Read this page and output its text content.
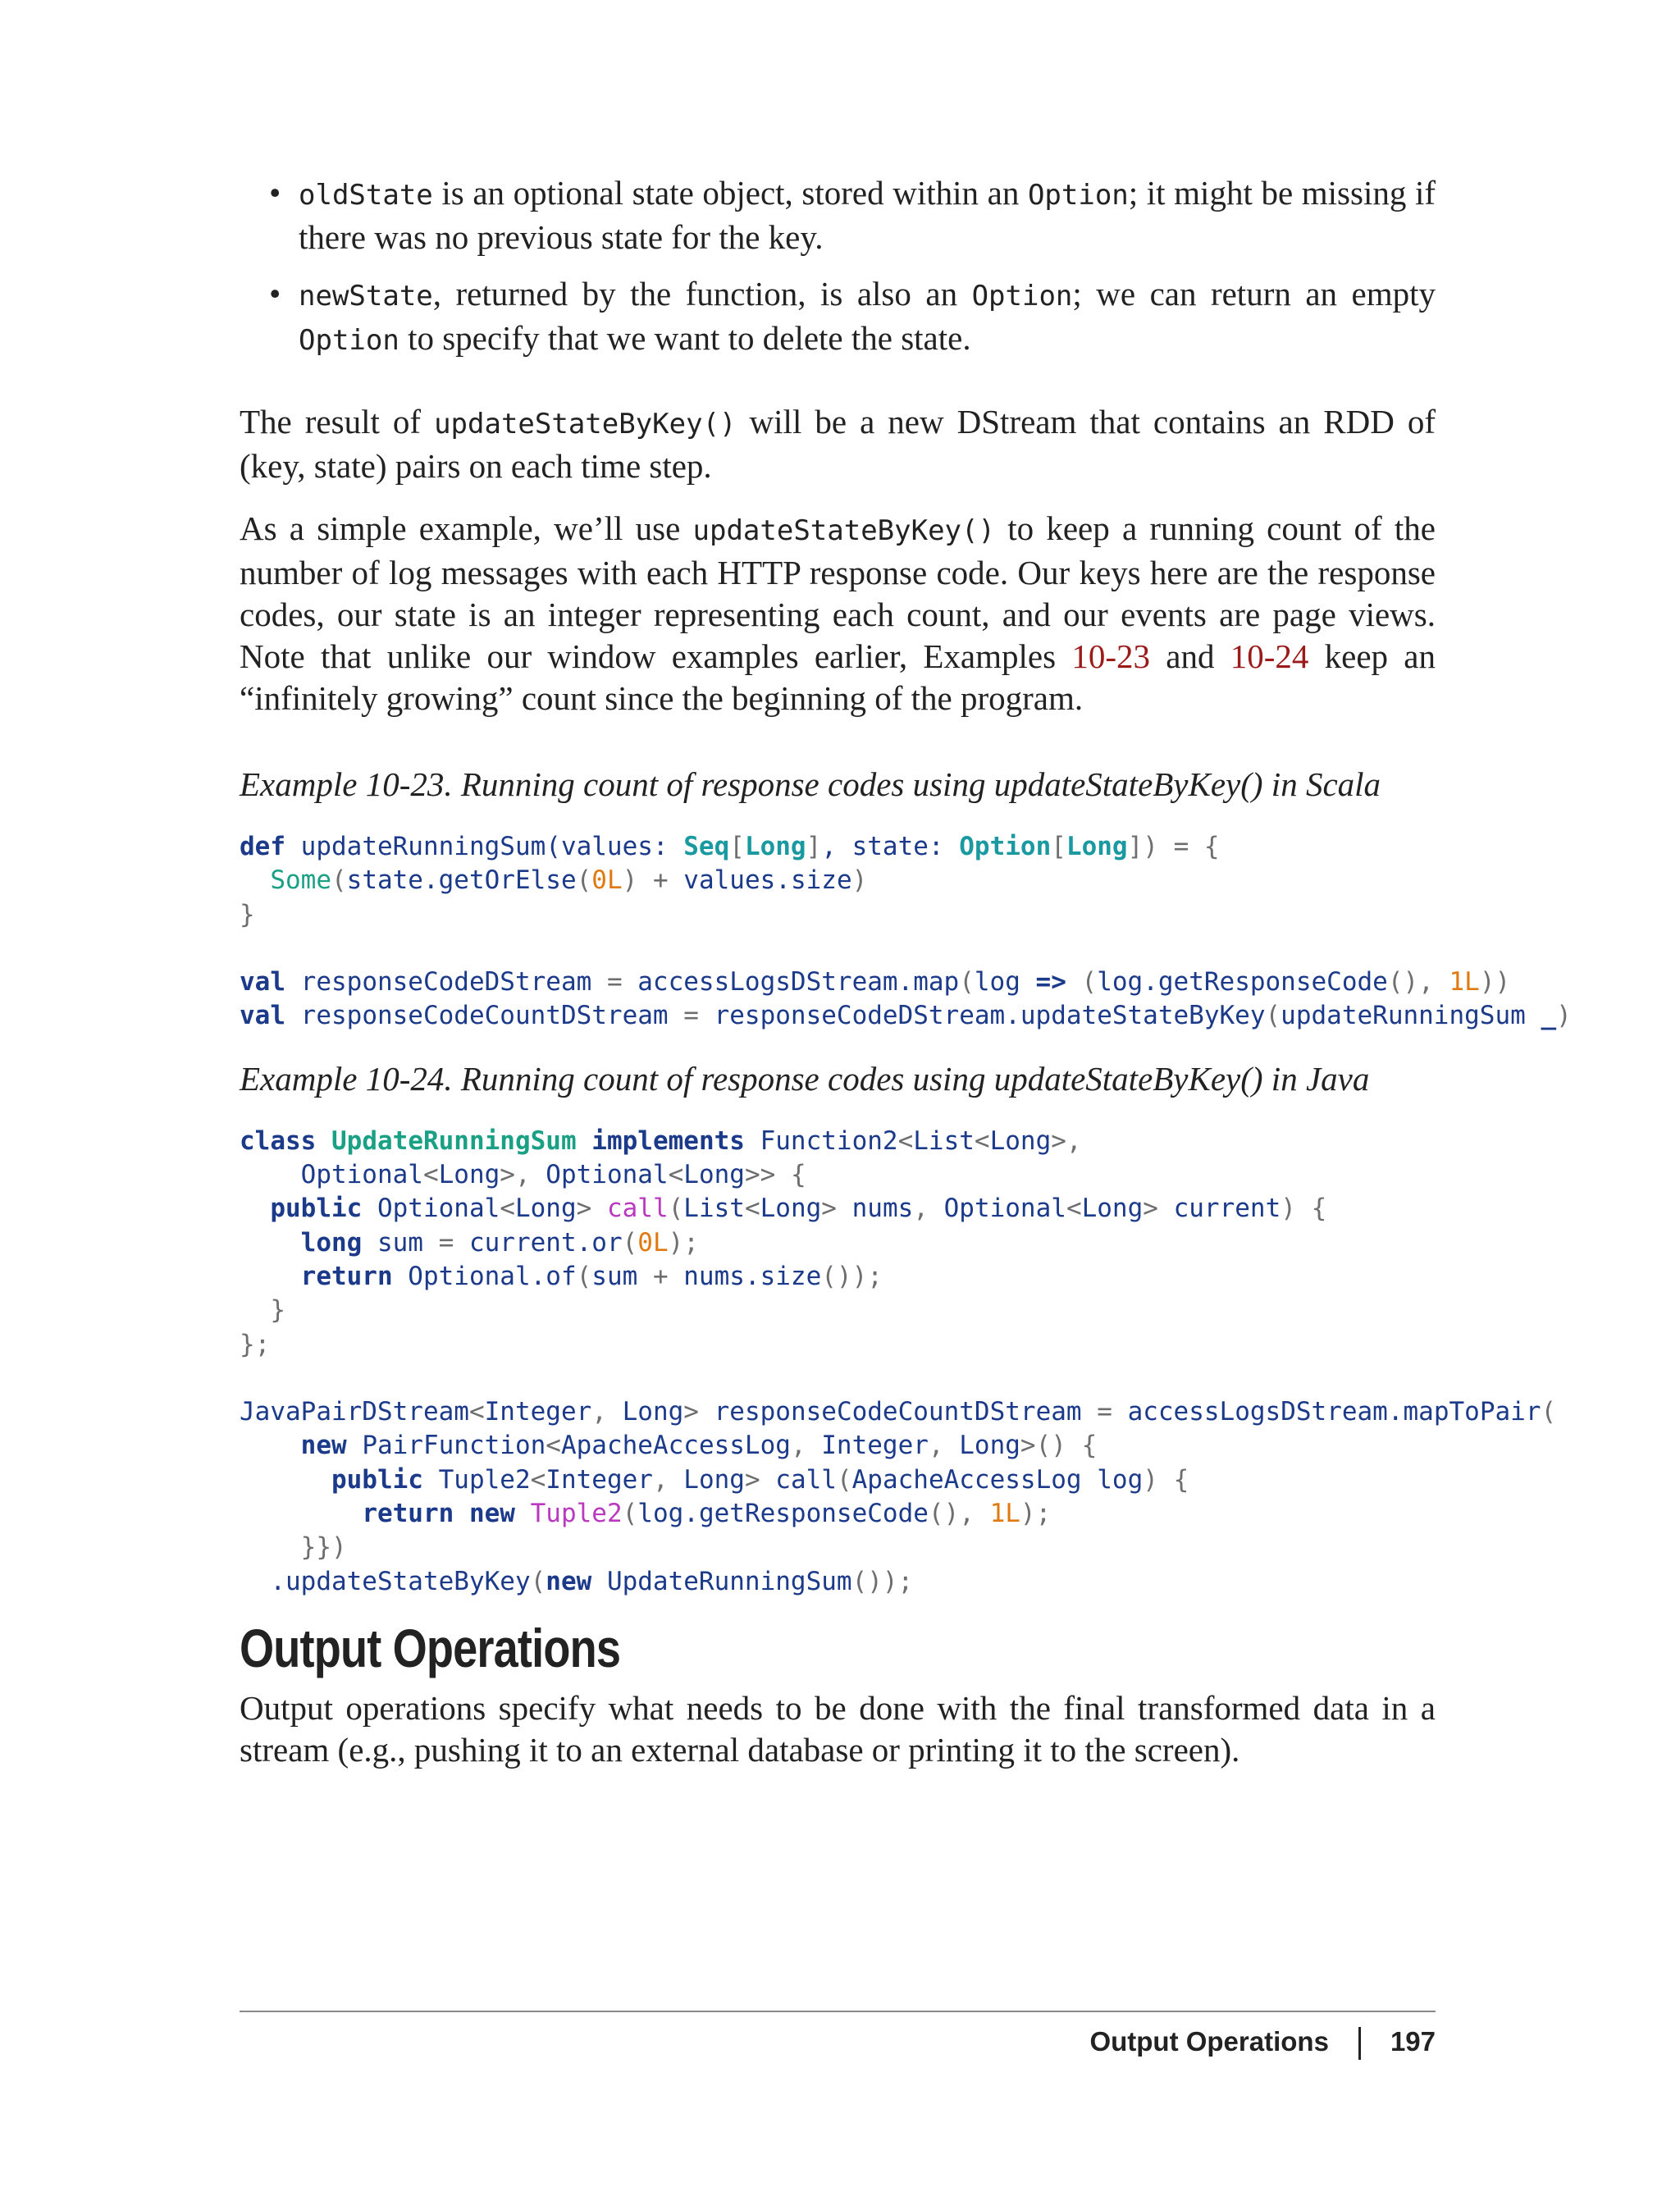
• oldState is an optional state object, stored within an Option; it might be missing if there was no previous state for the key.
• newState, returned by the function, is also an Option; we can return an empty Option to specify that we want to delete the state.

The result of updateStateByKey() will be a new DStream that contains an RDD of (key, state) pairs on each time step.

As a simple example, we’ll use updateStateByKey() to keep a running count of the number of log messages with each HTTP response code. Our keys here are the response codes, our state is an integer representing each count, and our events are page views. Note that unlike our window examples earlier, Examples 10-23 and 10-24 keep an “infinitely growing” count since the beginning of the program.

Example 10-23. Running count of response codes using updateStateByKey() in Scala

def updateRunningSum(values: Seq[Long], state: Option[Long]) = {
Some(state.getOrElse(0L) + values.size)
}

val responseCodeDStream = accessLogsDStream.map(log => (log.getResponseCode(), 1L))
val responseCodeCountDStream = responseCodeDStream.updateStateByKey(updateRunningSum _)

Example 10-24. Running count of response codes using updateStateByKey() in Java

class UpdateRunningSum implements Function2<List<Long>,
Optional<Long>, Optional<Long>> {
public Optional<Long> call(List<Long> nums, Optional<Long> current) {
long sum = current.or(0L);
return Optional.of(sum + nums.size());
}
};

JavaPairDStream<Integer, Long> responseCodeCountDStream = accessLogsDStream.mapToPair(
new PairFunction<ApacheAccessLog, Integer, Long>() {
public Tuple2<Integer, Long> call(ApacheAccessLog log) {
return new Tuple2(log.getResponseCode(), 1L);
}})
.updateStateByKey(new UpdateRunningSum());
Output Operations

Output operations specify what needs to be done with the final transformed data in a stream (e.g., pushing it to an external database or printing it to the screen).

Output Operations 197
